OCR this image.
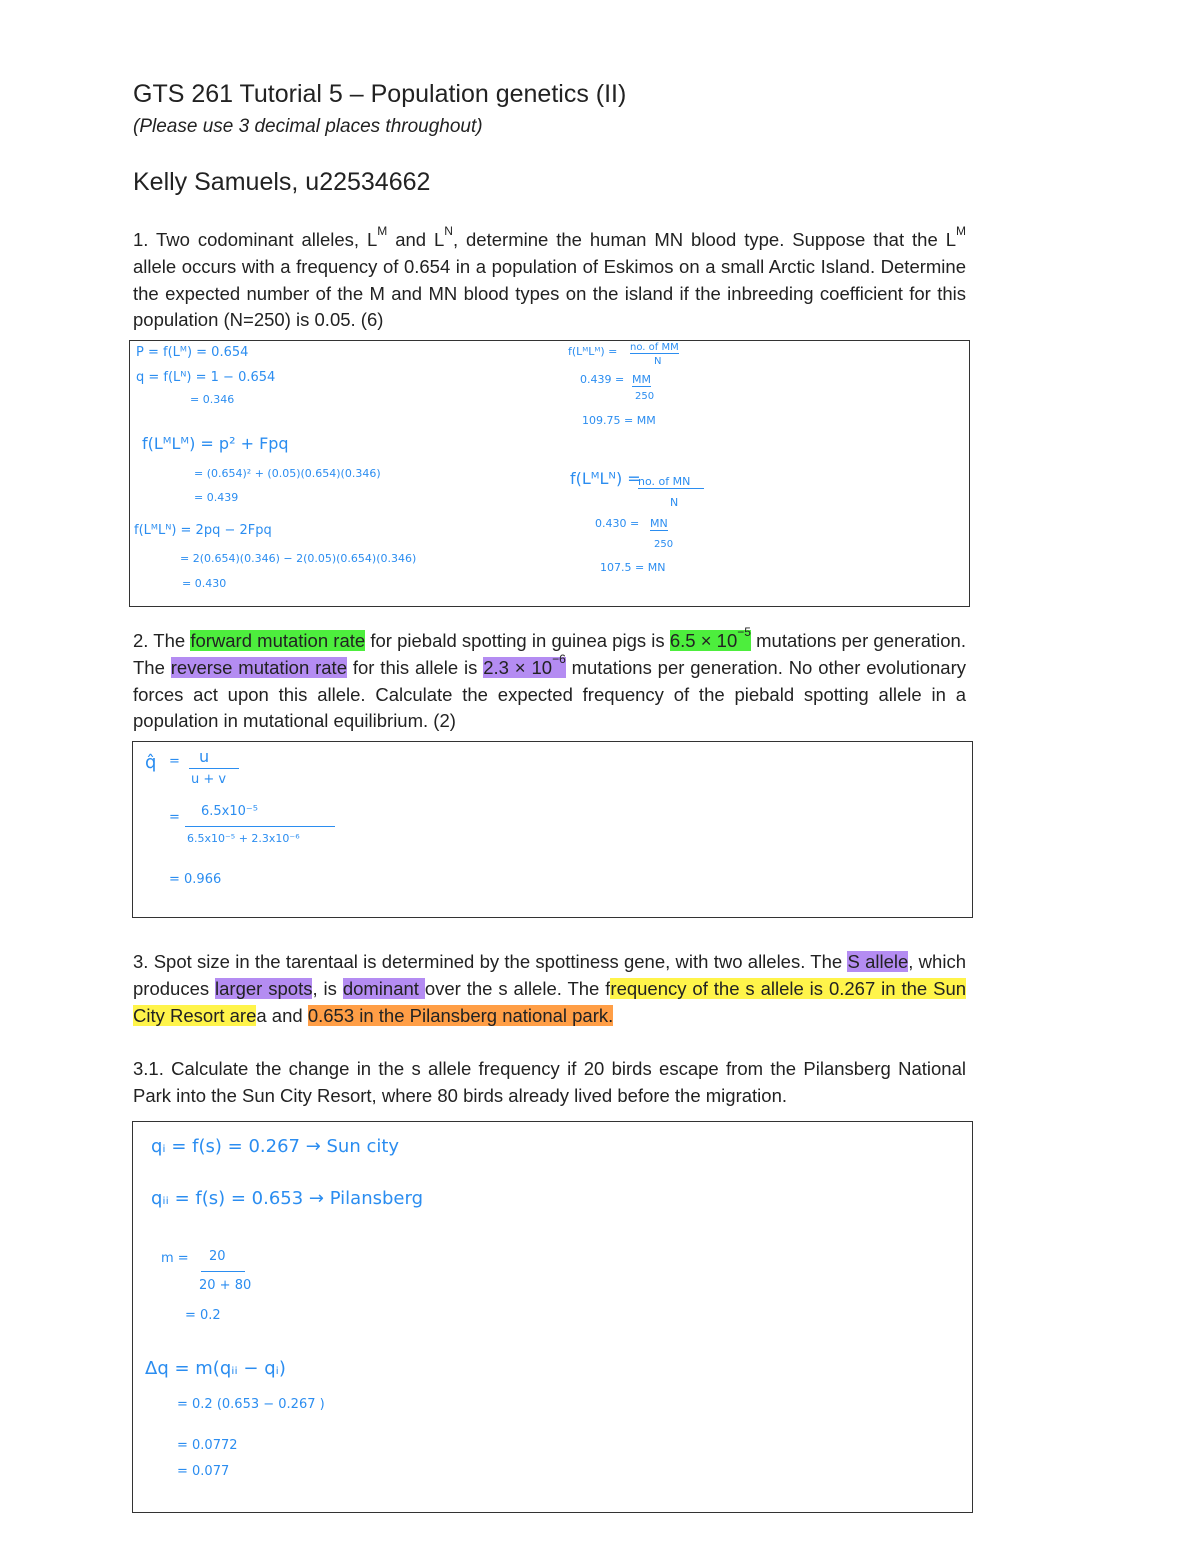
GTS 261 Tutorial 5 – Population genetics (II)
(Please use 3 decimal places throughout)
Kelly Samuels, u22534662
1. Two codominant alleles, $L^M$ and $L^N$, determine the human MN blood type. Suppose that the $L^M$ allele occurs with a frequency of 0.654 in a population of Eskimos on a small Arctic Island. Determine the expected number of the M and MN blood types on the island if the inbreeding coefficient for this population (N=250) is 0.05. (6)
P = f(Lᴹ) = 0.654
q = f(Lᴺ) = 1 − 0.654
= 0.346
f(LᴹLᴹ) = p² + Fpq
= (0.654)² + (0.05)(0.654)(0.346)
= 0.439
f(LᴹLᴺ) = 2pq − 2Fpq
= 2(0.654)(0.346) − 2(0.05)(0.654)(0.346)
= 0.430
f(LᴹLᴹ) = no. of MM
N
0.439 = MM
250
109.75 = MM
f(LᴹLᴺ) =
no. of MN
N
0.430 = MN
250
107.5 = MN
2. The forward mutation rate for piebald spotting in guinea pigs is $6.5 \times 10^{-5}$ mutations per generation. The reverse mutation rate for this allele is $2.3 \times 10^{-6}$ mutations per generation. No other evolutionary forces act upon this allele. Calculate the expected frequency of the piebald spotting allele in a population in mutational equilibrium. (2)
q̂ = u
u + v
= 6.5x10⁻⁵
6.5x10⁻⁵ + 2.3x10⁻⁶
= 0.966
3. Spot size in the tarentaal is determined by the spottiness gene, with two alleles. The S allele, which produces larger spots, is dominant over the s allele. The frequency of the s allele is 0.267 in the Sun City Resort area and 0.653 in the Pilansberg national park.
3.1. Calculate the change in the s allele frequency if 20 birds escape from the Pilansberg National Park into the Sun City Resort, where 80 birds already lived before the migration.
qᵢ = f(s) = 0.267 → Sun city
qᵢᵢ = f(s) = 0.653 → Pilansberg
m = 20
20 + 80
= 0.2
Δq = m(qᵢᵢ − qᵢ)
= 0.2 (0.653 − 0.267 )
= 0.0772
= 0.077
